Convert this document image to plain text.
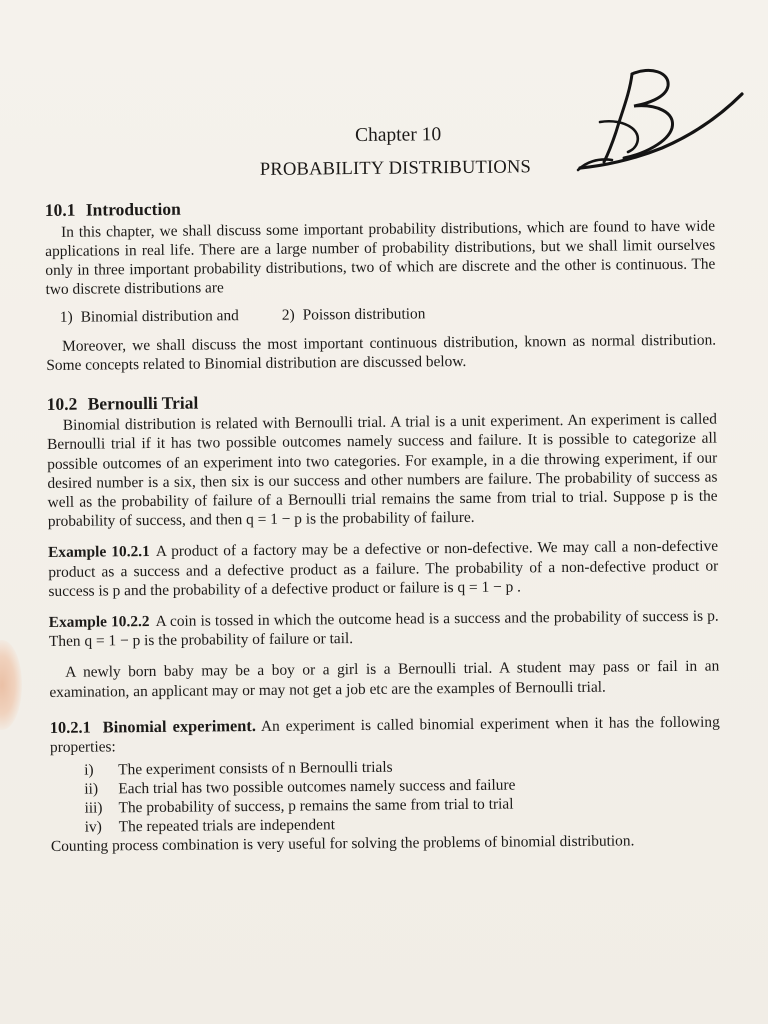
Chapter 10
PROBABILITY DISTRIBUTIONS
10.1 Introduction

In this chapter, we shall discuss some important probability distributions, which are found to have wide applications in real life. There are a large number of probability distributions, but we shall limit ourselves only in three important probability distributions, two of which are discrete and the other is continuous. The two discrete distributions are

1) Binomial distribution and	2) Poisson distribution

Moreover, we shall discuss the most important continuous distribution, known as normal distribution. Some concepts related to Binomial distribution are discussed below.

10.2 Bernoulli Trial

Binomial distribution is related with Bernoulli trial. A trial is a unit experiment. An experiment is called Bernoulli trial if it has two possible outcomes namely success and failure. It is possible to categorize all possible outcomes of an experiment into two categories. For example, in a die throwing experiment, if our desired number is a six, then six is our success and other numbers are failure. The probability of success as well as the probability of failure of a Bernoulli trial remains the same from trial to trial. Suppose p is the probability of success, and then q = 1 − p is the probability of failure.

Example 10.2.1 A product of a factory may be a defective or non-defective. We may call a non-defective product as a success and a defective product as a failure. The probability of a non-defective product or success is p and the probability of a defective product or failure is q = 1 − p .

Example 10.2.2 A coin is tossed in which the outcome head is a success and the probability of success is p. Then q = 1 − p is the probability of failure or tail.

A newly born baby may be a boy or a girl is a Bernoulli trial. A student may pass or fail in an examination, an applicant may or may not get a job etc are the examples of Bernoulli trial.

10.2.1 Binomial experiment. An experiment is called binomial experiment when it has the following properties:

i)	The experiment consists of n Bernoulli trials
ii)	Each trial has two possible outcomes namely success and failure
iii)	The probability of success, p remains the same from trial to trial
iv)	The repeated trials are independent

Counting process combination is very useful for solving the problems of binomial distribution.
